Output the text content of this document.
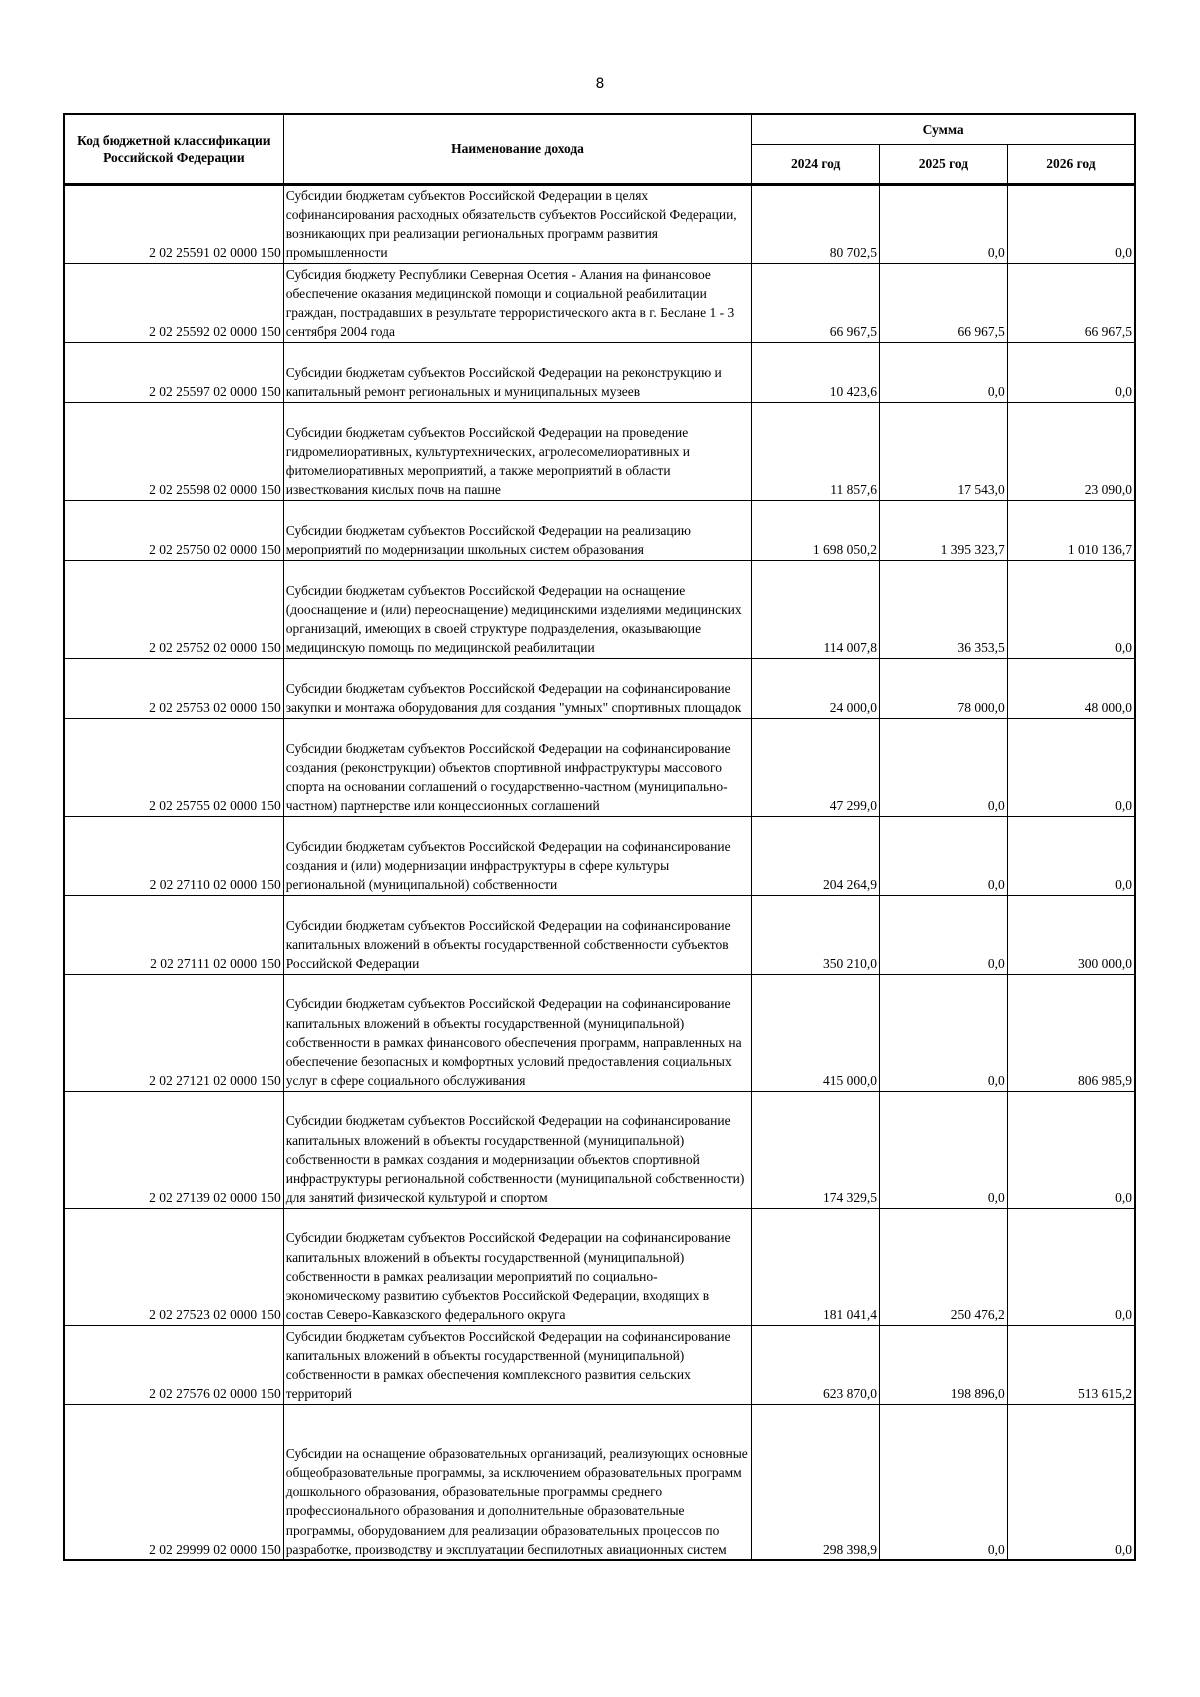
8
Код бюджетной классификации Российской Федерации	Наименование дохода	Сумма		
		2024 год	2025 год	2026 год
2 02 25591 02 0000 150	Субсидии бюджетам субъектов Российской Федерации в целях софинансирования расходных обязательств субъектов Российской Федерации, возникающих при реализации региональных программ развития промышленности	80 702,5	0,0	0,0
2 02 25592 02 0000 150	Субсидия бюджету Республики Северная Осетия - Алания на финансовое обеспечение оказания медицинской помощи и социальной реабилитации граждан, пострадавших в результате террористического акта в г. Беслане 1 - 3 сентября 2004 года	66 967,5	66 967,5	66 967,5
2 02 25597 02 0000 150	Субсидии бюджетам субъектов Российской Федерации на реконструкцию и капитальный ремонт региональных и муниципальных музеев	10 423,6	0,0	0,0
2 02 25598 02 0000 150	Субсидии бюджетам субъектов Российской Федерации на проведение гидромелиоративных, культуртехнических, агролесомелиоративных и фитомелиоративных мероприятий, а также мероприятий в области известкования кислых почв на пашне	11 857,6	17 543,0	23 090,0
2 02 25750 02 0000 150	Субсидии бюджетам субъектов Российской Федерации на реализацию мероприятий по модернизации школьных систем образования	1 698 050,2	1 395 323,7	1 010 136,7
2 02 25752 02 0000 150	Субсидии бюджетам субъектов Российской Федерации на оснащение (дооснащение и (или) переоснащение) медицинскими изделиями медицинских организаций, имеющих в своей структуре подразделения, оказывающие медицинскую помощь по медицинской реабилитации	114 007,8	36 353,5	0,0
2 02 25753 02 0000 150	Субсидии бюджетам субъектов Российской Федерации на софинансирование закупки и монтажа оборудования для создания "умных" спортивных площадок	24 000,0	78 000,0	48 000,0
2 02 25755 02 0000 150	Субсидии бюджетам субъектов Российской Федерации на софинансирование создания (реконструкции) объектов спортивной инфраструктуры массового спорта на основании соглашений о государственно-частном (муниципально-частном) партнерстве или концессионных соглашений	47 299,0	0,0	0,0
2 02 27110 02 0000 150	Субсидии бюджетам субъектов Российской Федерации на софинансирование создания и (или) модернизации инфраструктуры в сфере культуры региональной (муниципальной) собственности	204 264,9	0,0	0,0
2 02 27111 02 0000 150	Субсидии бюджетам субъектов Российской Федерации на софинансирование капитальных вложений в объекты государственной собственности субъектов Российской Федерации	350 210,0	0,0	300 000,0
2 02 27121 02 0000 150	Субсидии бюджетам субъектов Российской Федерации на софинансирование капитальных вложений в объекты государственной (муниципальной) собственности в рамках финансового обеспечения программ, направленных на обеспечение безопасных и комфортных условий предоставления социальных услуг в сфере социального обслуживания	415 000,0	0,0	806 985,9
2 02 27139 02 0000 150	Субсидии бюджетам субъектов Российской Федерации на софинансирование капитальных вложений в объекты государственной (муниципальной) собственности в рамках создания и модернизации объектов спортивной инфраструктуры региональной собственности (муниципальной собственности) для занятий физической культурой и спортом	174 329,5	0,0	0,0
2 02 27523 02 0000 150	Субсидии бюджетам субъектов Российской Федерации на софинансирование капитальных вложений в объекты государственной (муниципальной) собственности в рамках реализации мероприятий по социально-экономическому развитию субъектов Российской Федерации, входящих в состав Северо-Кавказского федерального округа	181 041,4	250 476,2	0,0
2 02 27576 02 0000 150	Субсидии бюджетам субъектов Российской Федерации на софинансирование капитальных вложений в объекты государственной (муниципальной) собственности в рамках обеспечения комплексного развития сельских территорий	623 870,0	198 896,0	513 615,2
2 02 29999 02 0000 150	Субсидии на оснащение образовательных организаций, реализующих основные общеобразовательные программы, за исключением образовательных программ дошкольного образования, образовательные программы среднего профессионального образования и дополнительные образовательные программы, оборудованием для реализации образовательных процессов по разработке, производству и эксплуатации беспилотных авиационных систем	298 398,9	0,0	0,0
